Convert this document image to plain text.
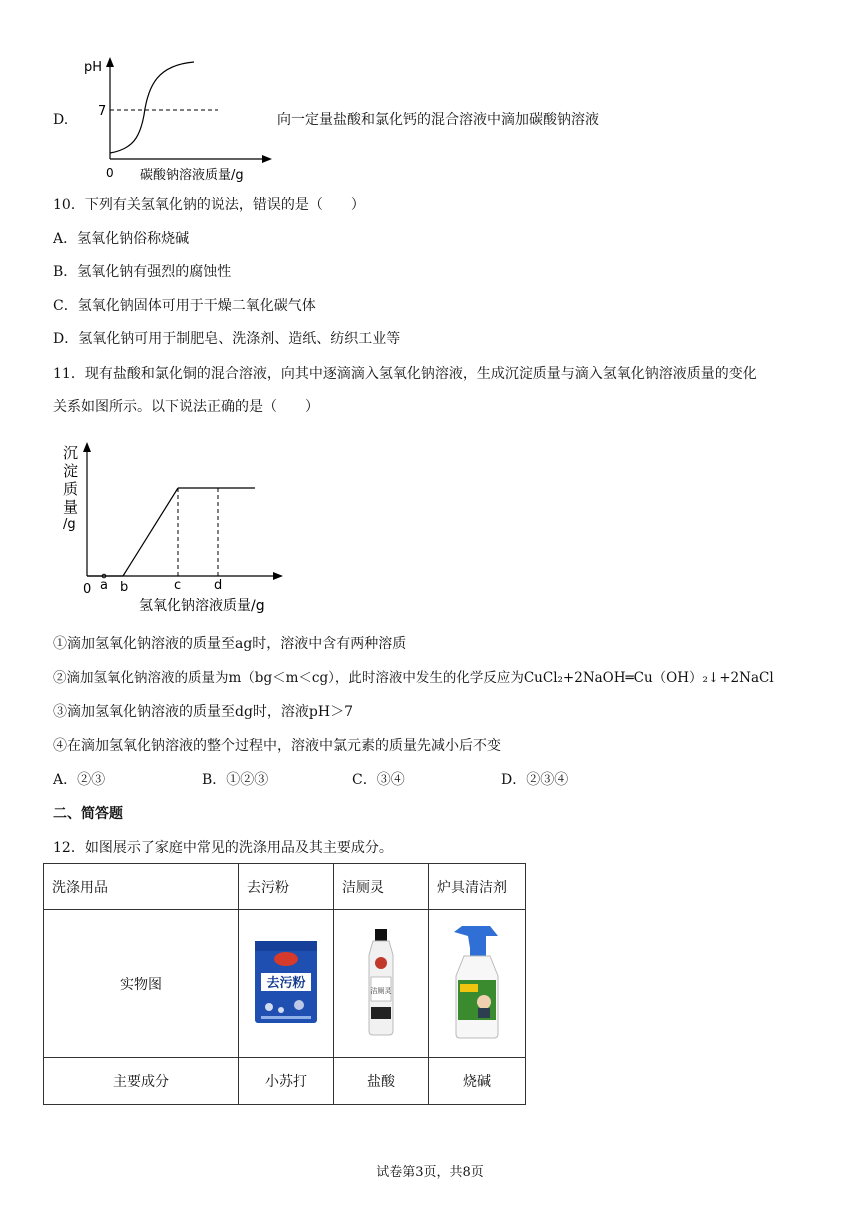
D.
pH
7
0 碳酸钠溶液质量/g
向一定量盐酸和氯化钙的混合溶液中滴加碳酸钠溶液
10．下列有关氢氧化钠的说法，错误的是（　　）
A．氢氧化钠俗称烧碱
B．氢氧化钠有强烈的腐蚀性
C．氢氧化钠固体可用于干燥二氧化碳气体
D．氢氧化钠可用于制肥皂、洗涤剂、造纸、纺织工业等
11．现有盐酸和氯化铜的混合溶液，向其中逐滴滴入氢氧化钠溶液，生成沉淀质量与滴入氢氧化钠溶液质量的变化
关系如图所示。以下说法正确的是（　　）
沉
淀
质
量
/g
0 a b	c	d
氢氧化钠溶液质量/g
①滴加氢氧化钠溶液的质量至ag时，溶液中含有两种溶质
②滴加氢氧化钠溶液的质量为m（bg＜m＜cg），此时溶液中发生的化学反应为CuCl₂+2NaOH═Cu（OH）₂↓+2NaCl
③滴加氢氧化钠溶液的质量至dg时，溶液pH＞7
④在滴加氢氧化钠溶液的整个过程中，溶液中氯元素的质量先减小后不变
A．②③	B．①②③	C．③④	D．②③④
二、简答题
12．如图展示了家庭中常见的洗涤用品及其主要成分。
洗涤用品	去污粉	洁厕灵	炉具清洁剂
实物图	去污粉	洁厕灵

主要成分	小苏打	盐酸	烧碱
试卷第3页，共8页
